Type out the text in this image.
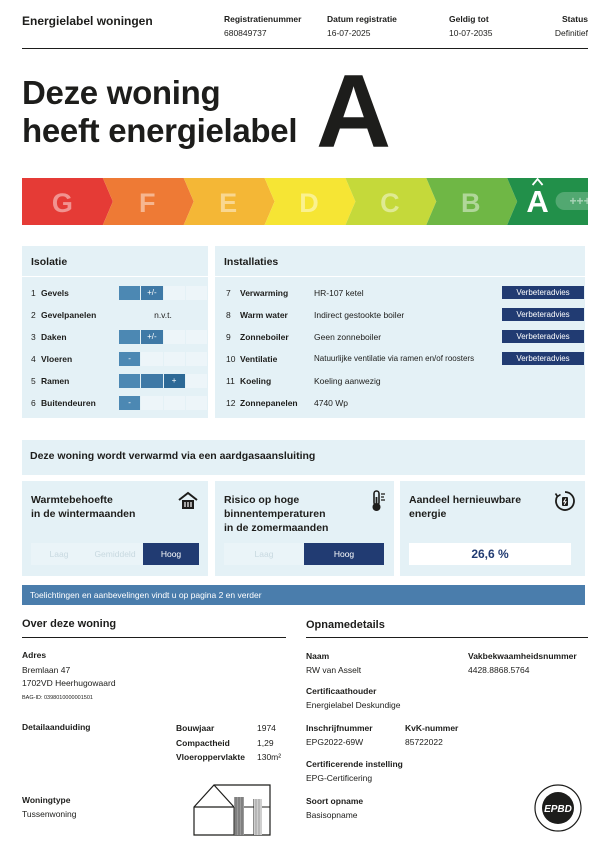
Energielabel woningen	Registratienummer
680849737
Datum registratie
16-07-2025
Geldig tot
10-07-2035
Status
Definitief
Deze woning
heeft energielabel A
G F E D C B A ++++
Isolatie
1 Gevels	+/-
2 Gevelpanelen	n.v.t.
3 Daken	+/-
4 Vloeren	-
5 Ramen	+
6 Buitendeuren	-
Installaties
7 Verwarming	HR-107 ketel	Verbeteradvies
8 Warm water	Indirect gestookte boiler	Verbeteradvies
9 Zonneboiler	Geen zonneboiler	Verbeteradvies
10 Ventilatie	Natuurlijke ventilatie via ramen en/of roosters	Verbeteradvies
11 Koeling	Koeling aanwezig
12 Zonnepanelen 4740 Wp
Deze woning wordt verwarmd via een aardgasaansluiting
Warmtebehoefte
in de wintermaanden
Laag	Gemiddeld	Hoog
Risico op hoge
binnentemperaturen
in de zomermaanden
Laag	Hoog
Aandeel hernieuwbare
energie
26,6 %
Toelichtingen en aanbevelingen vindt u op pagina 2 en verder
Over deze woning
Adres
Bremlaan 47
1702VD Heerhugowaard
BAG-ID: 0398010000001501
Detailaanduiding	Bouwjaar	1974
Compactheid	1,29
Vloeroppervlakte 130m²
Woningtype
Tussenwoning
Opnamedetails
Naam
RW van Asselt
Vakbekwaamheidsnummer
4428.8868.5764
Certificaathouder
Energielabel Deskundige
Inschrijfnummer
EPG2022-69W
KvK-nummer
85722022
Certificerende instelling
EPG-Certificering
Soort opname
Basisopname	EPBD
